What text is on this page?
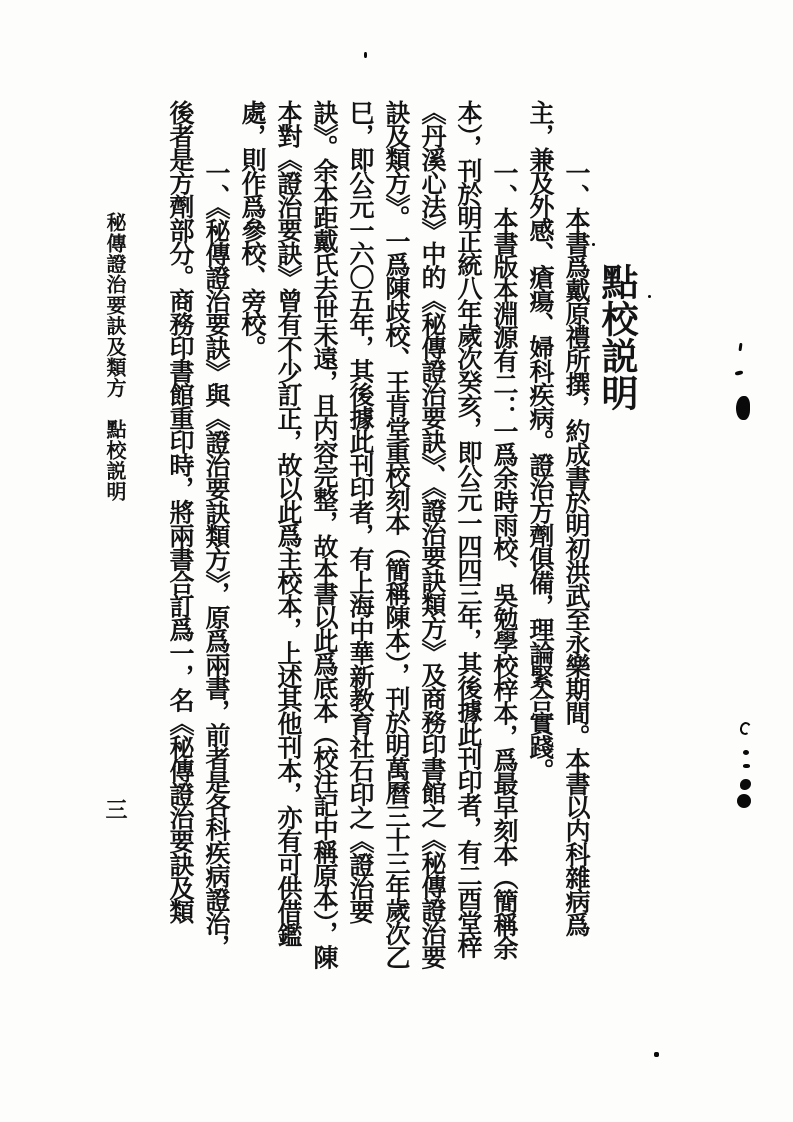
點校説明

一、本書爲戴原禮所撰，約成書於明初洪武至永樂期間。本書以内科雜病爲主，兼及外感、瘡瘍、婦科疾病。證治方劑俱備，理論緊合實踐。

一、本書版本淵源有二：一爲余時雨校、吳勉學校梓本，爲最早刻本（簡稱余本），刊於明正統八年歲次癸亥，即公元一四四三年，其後據此刊印者，有二酉堂梓《丹溪心法》中的《秘傳證治要訣》、《證治要訣類方》及商務印書館之《秘傳證治要訣及類方》。一爲陳歧校、王肯堂重校刻本（簡稱陳本），刊於明萬曆三十三年歲次乙巳，即公元一六〇五年，其後據此刊印者，有上海中華新教育社石印之《證治要訣》。余本距戴氏去世未遠，且内容完整，故本書以此爲底本（校注記中稱原本），陳本對《證治要訣》曾有不少訂正，故以此爲主校本，上述其他刊本，亦有可供借鑑處，則作爲參校、旁校。

一、《秘傳證治要訣》與《證治要訣類方》，原爲兩書，前者是各科疾病證治，後者是方劑部分。商務印書館重印時，將兩書合訂爲一，名《秘傳證治要訣及類

秘傳證治要訣及類方　點校説明
三
